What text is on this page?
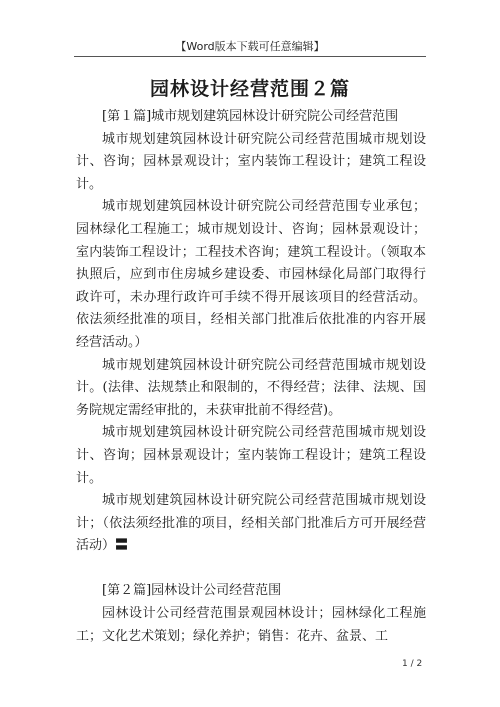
【Word版本下载可任意编辑】
园林设计经营范围２篇

[第１篇]城市规划建筑园林设计研究院公司经营范围

城市规划建筑园林设计研究院公司经营范围城市规划设计、咨询；园林景观设计；室内装饰工程设计；建筑工程设计。

城市规划建筑园林设计研究院公司经营范围专业承包；园林绿化工程施工；城市规划设计、咨询；园林景观设计；室内装饰工程设计；工程技术咨询；建筑工程设计。（领取本执照后，应到市住房城乡建设委、市园林绿化局部门取得行政许可，未办理行政许可手续不得开展该项目的经营活动。依法须经批准的项目，经相关部门批准后依批准的内容开展经营活动。）

城市规划建筑园林设计研究院公司经营范围城市规划设计。(法律、法规禁止和限制的，不得经营；法律、法规、国务院规定需经审批的，未获审批前不得经营)。

城市规划建筑园林设计研究院公司经营范围城市规划设计、咨询；园林景观设计；室内装饰工程设计；建筑工程设计。

城市规划建筑园林设计研究院公司经营范围城市规划设计；（依法须经批准的项目，经相关部门批准后方可开展经营活动）〓

[第２篇]园林设计公司经营范围

园林设计公司经营范围景观园林设计；园林绿化工程施工；文化艺术策划；绿化养护；销售：花卉、盆景、工

1 / 2
